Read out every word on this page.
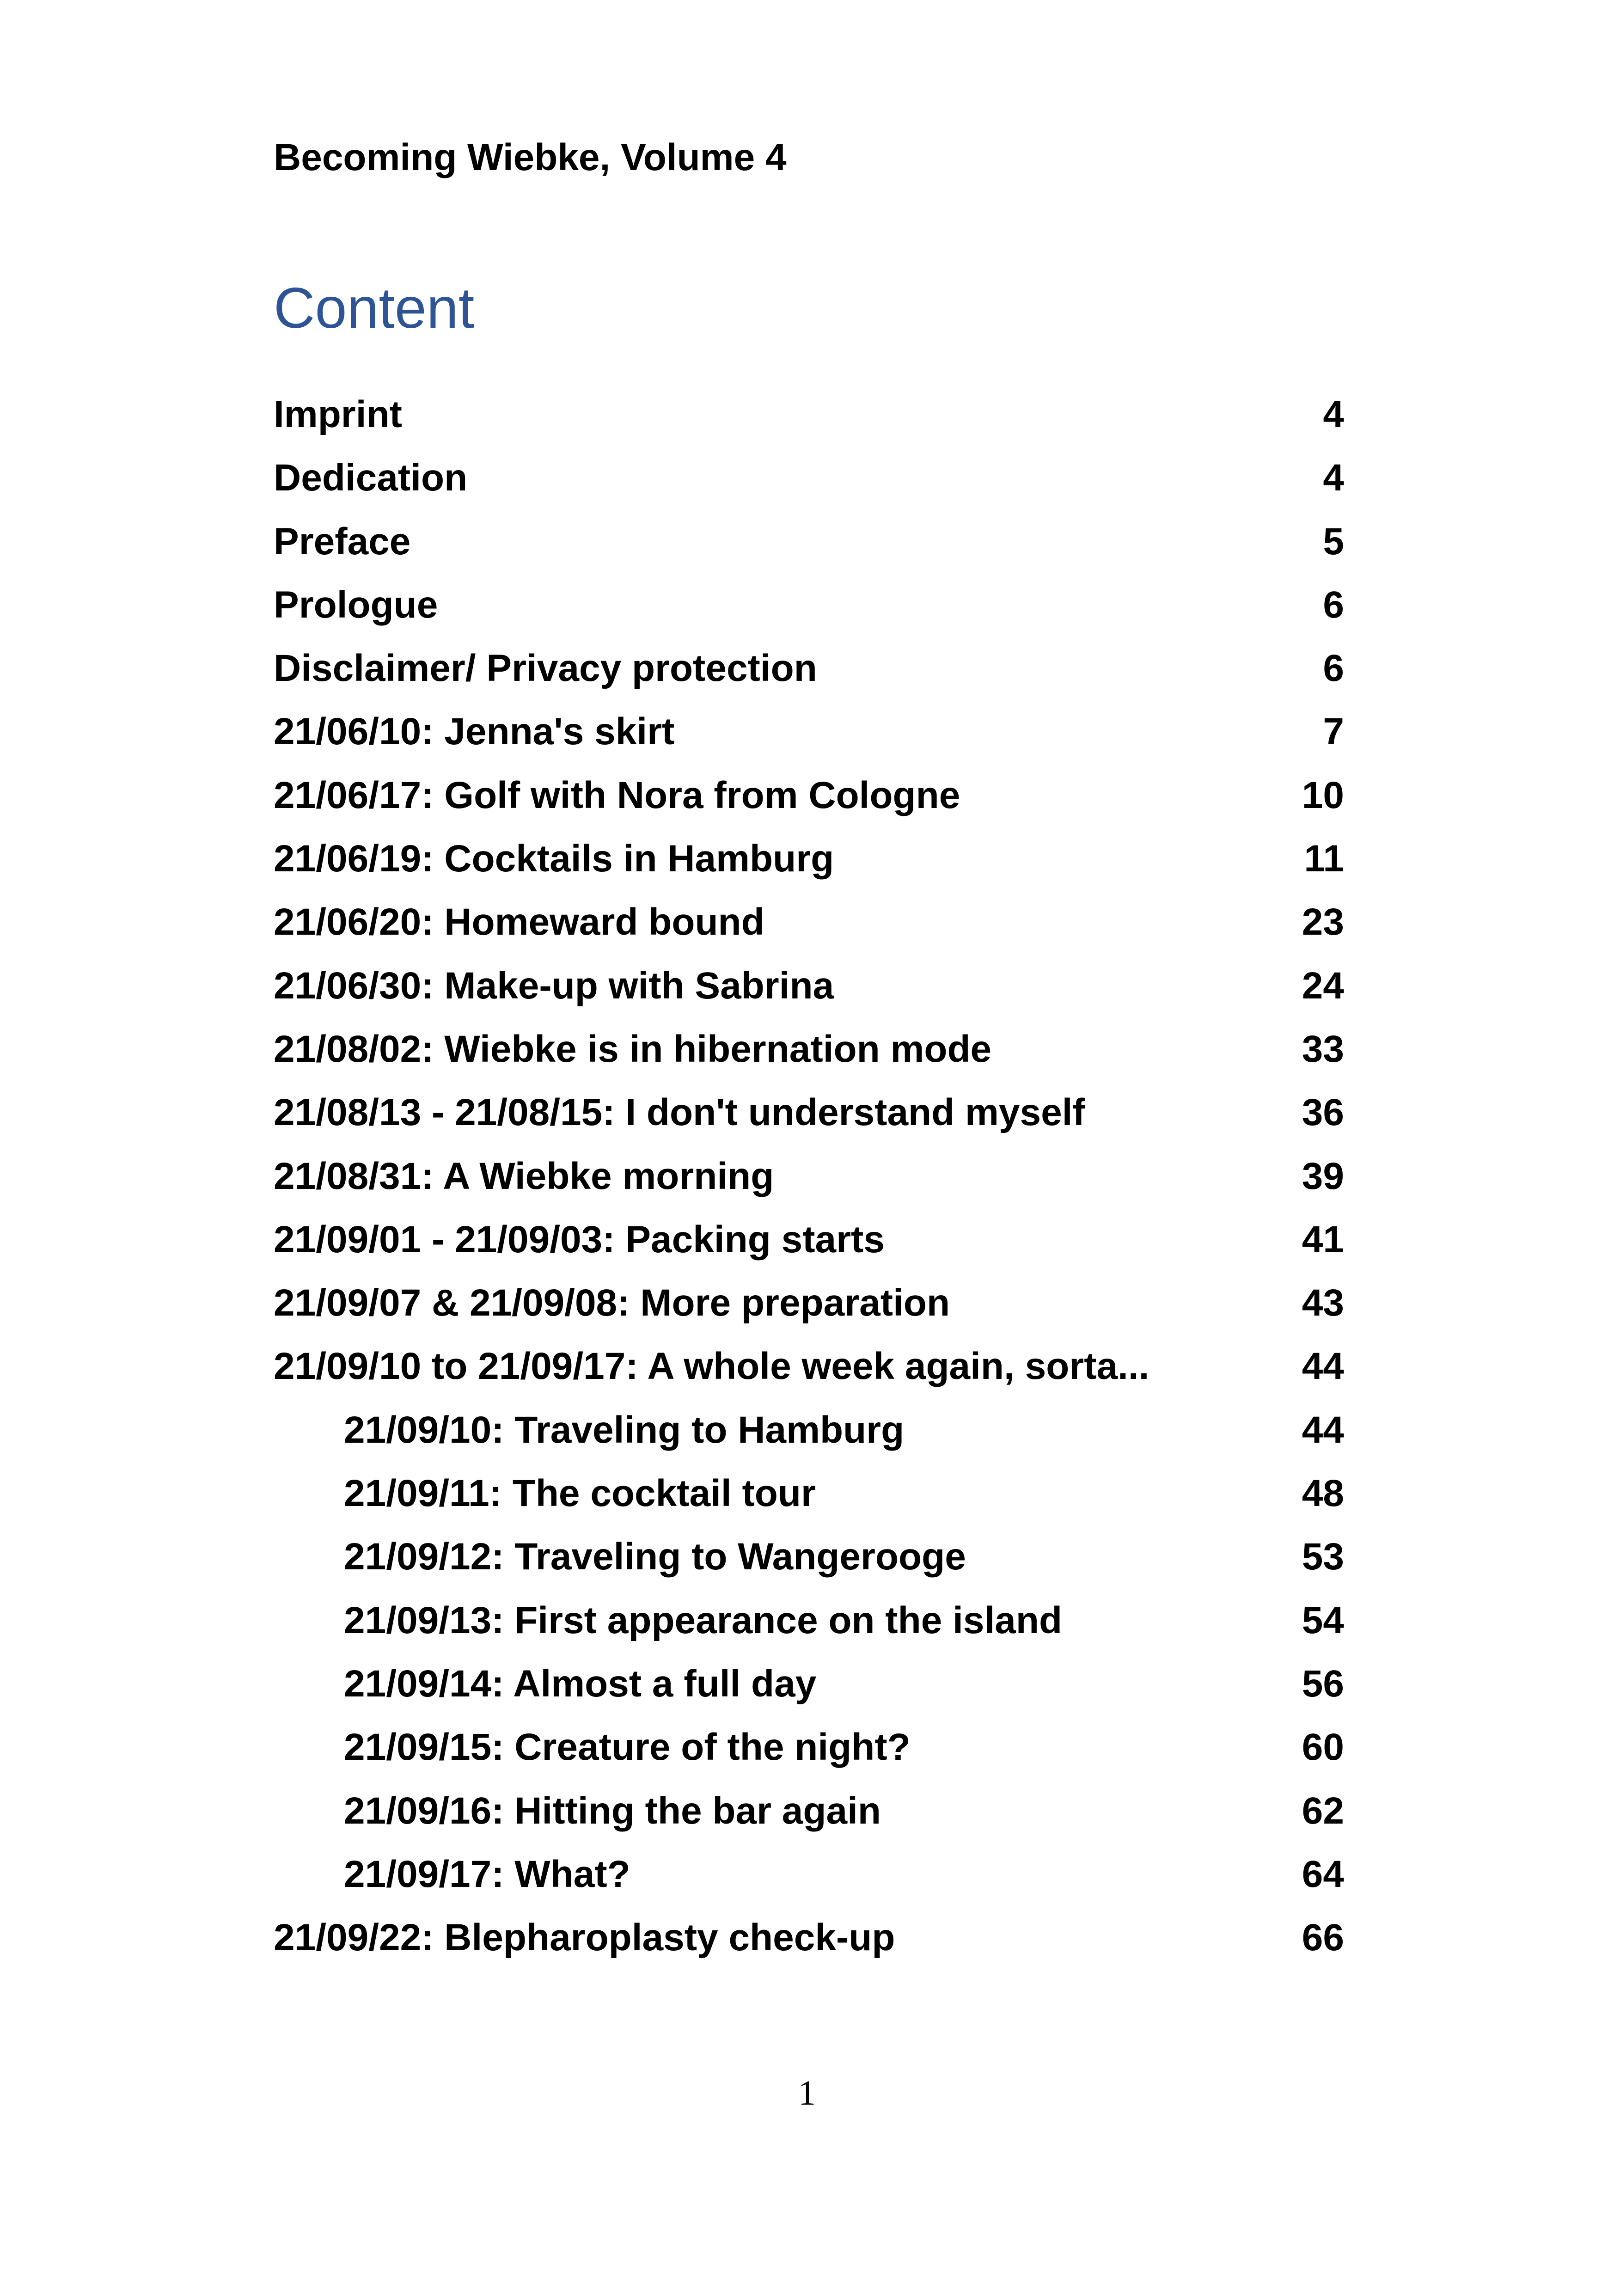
Becoming Wiebke, Volume 4
Content
Imprint	4
Dedication	4
Preface	5
Prologue	6
Disclaimer/ Privacy protection	6
21/06/10: Jenna's skirt	7
21/06/17: Golf with Nora from Cologne	10
21/06/19: Cocktails in Hamburg	11
21/06/20: Homeward bound	23
21/06/30: Make-up with Sabrina	24
21/08/02: Wiebke is in hibernation mode	33
21/08/13 - 21/08/15: I don't understand myself	36
21/08/31: A Wiebke morning	39
21/09/01 - 21/09/03: Packing starts	41
21/09/07 & 21/09/08: More preparation	43
21/09/10 to 21/09/17: A whole week again, sorta...	44
21/09/10: Traveling to Hamburg	44
21/09/11: The cocktail tour	48
21/09/12: Traveling to Wangerooge	53
21/09/13: First appearance on the island	54
21/09/14: Almost a full day	56
21/09/15: Creature of the night?	60
21/09/16: Hitting the bar again	62
21/09/17: What?	64
21/09/22: Blepharoplasty check-up	66
1
